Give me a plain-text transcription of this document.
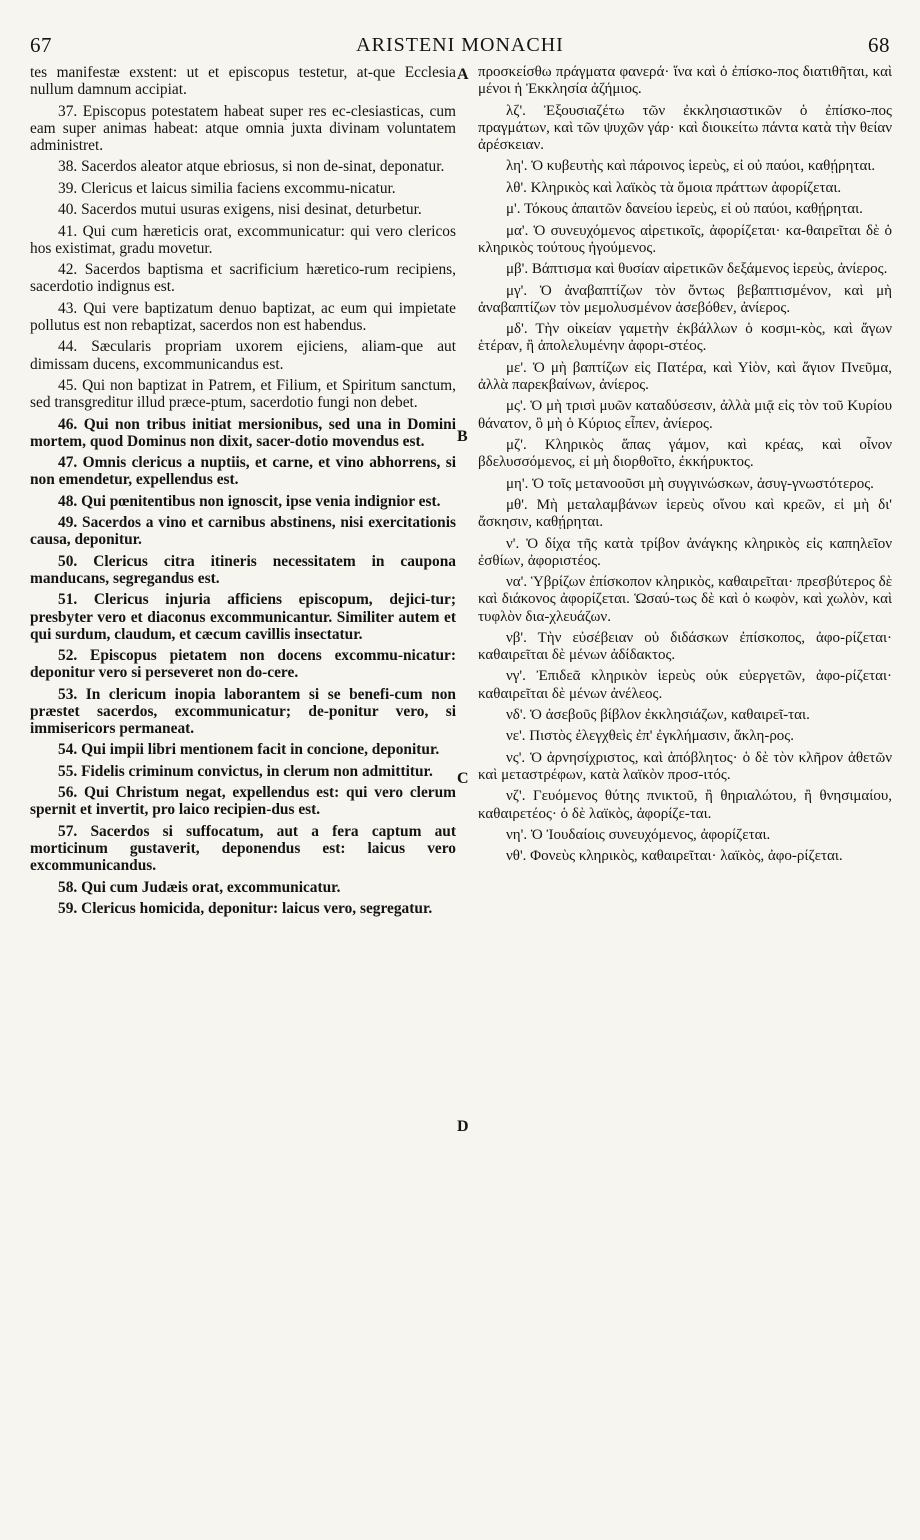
67	ARISTENI MONACHI	68
tes manifestæ exstent: ut et episcopus testetur, at-que Ecclesia nullum damnum accipiat.
37. Episcopus potestatem habeat super res ec-clesiasticas, cum eam super animas habeat: atque omnia juxta divinam voluntatem administret.
38. Sacerdos aleator atque ebriosus, si non de-sinat, deponatur.
39. Clericus et laicus similia faciens excommu-nicatur.
40. Sacerdos mutui usuras exigens, nisi desinat, deturbetur.
41. Qui cum hæreticis orat, excommunicatur: qui vero clericos hos existimat, gradu movetur.
42. Sacerdos baptisma et sacrificium hæretico-rum recipiens, sacerdotio indignus est.
43. Qui vere baptizatum denuo baptizat, ac eum qui impietate pollutus est non rebaptizat, sacerdos non est habendus.
44. Sæcularis propriam uxorem ejiciens, aliam-que aut dimissam ducens, excommunicandus est.
45. Qui non baptizat in Patrem, et Filium, et Spiritum sanctum, sed transgreditur illud præce-ptum, sacerdotio fungi non debet.
46. Qui non tribus initiat mersionibus, sed una in Domini mortem, quod Dominus non dixit, sacer-dotio movendus est.
47. Omnis clericus a nuptiis, et carne, et vino abhorrens, si non emendetur, expellendus est.
48. Qui pœnitentibus non ignoscit, ipse venia indignior est.
49. Sacerdos a vino et carnibus abstinens, nisi exercitationis causa, deponitur.
50. Clericus citra itineris necessitatem in caupona manducans, segregandus est.
51. Clericus injuria afficiens episcopum, dejici-tur; presbyter vero et diaconus excommunicantur. Similiter autem et qui surdum, claudum, et cæcum cavillis insectatur.
52. Episcopus pietatem non docens excommu-nicatur: deponitur vero si perseveret non do-cere.
53. In clericum inopia laborantem si se benefi-cum non præstet sacerdos, excommunicatur; de-ponitur vero, si immisericors permaneat.
54. Qui impii libri mentionem facit in concione, deponitur.
55. Fidelis criminum convictus, in clerum non admittitur.
56. Qui Christum negat, expellendus est: qui vero clerum spernit et invertit, pro laico recipien-dus est.
57. Sacerdos si suffocatum, aut a fera captum aut morticinum gustaverit, deponendus est: laicus vero excommunicandus.
58. Qui cum Judæis orat, excommunicatur.
59. Clericus homicida, deponitur: laicus vero, segregatur.
A
B
C
D
προσκείσθω πράγματα φανερά· ἵνα καὶ ὁ ἐπίσκο-πος διατιθῆται, καὶ μένοι ἡ Ἐκκλησία ἀζήμιος.
λζ'. Ἐξουσιαζέτω τῶν ἐκκλησιαστικῶν ὁ ἐπίσκο-πος πραγμάτων, καὶ τῶν ψυχῶν γάρ· καὶ διοικείτω πάντα κατὰ τὴν θείαν ἀρέσκειαν.
λη'. Ὁ κυβευτὴς καὶ πάροινος ἱερεὺς, εἰ οὐ παύοι, καθῄρηται.
λθ'. Κληρικὸς καὶ λαϊκὸς τὰ ὅμοια πράττων ἀφορίζεται.
μ'. Τόκους ἀπαιτῶν δανείου ἱερεὺς, εἰ οὐ παύοι, καθῄρηται.
μα'. Ὁ συνευχόμενος αἱρετικοῖς, ἀφορίζεται· κα-θαιρεῖται δὲ ὁ κληρικὸς τούτους ἡγούμενος.
μβ'. Βάπτισμα καὶ θυσίαν αἱρετικῶν δεξάμενος ἱερεὺς, ἀνίερος.
μγ'. Ὁ ἀναβαπτίζων τὸν ὄντως βεβαπτισμένον, καὶ μὴ ἀναβαπτίζων τὸν μεμολυσμένον ἀσεβόθεν, ἀνίερος.
μδ'. Τὴν οἰκείαν γαμετὴν ἐκβάλλων ὁ κοσμι-κὸς, καὶ ἄγων ἑτέραν, ἢ ἀπολελυμένην ἀφορι-στέος.
με'. Ὁ μὴ βαπτίζων εἰς Πατέρα, καὶ Υἱὸν, καὶ ἅγιον Πνεῦμα, ἀλλὰ παρεκβαίνων, ἀνίερος.
μς'. Ὁ μὴ τρισὶ μυῶν καταδύσεσιν, ἀλλὰ μιᾷ εἰς τὸν τοῦ Κυρίου θάνατον, ὃ μὴ ὁ Κύριος εἶπεν, ἀνίερος.
μζ'. Κληρικὸς ἅπας γάμον, καὶ κρέας, καὶ οἶνον βδελυσσόμενος, εἰ μὴ διορθοῖτο, ἐκκήρυκτος.
μη'. Ὁ τοῖς μετανοοῦσι μὴ συγγινώσκων, ἀσυγ-γνωστότερος.
μθ'. Μὴ μεταλαμβάνων ἱερεὺς οἴνου καὶ κρεῶν, εἰ μὴ δι' ἄσκησιν, καθῄρηται.
ν'. Ὁ δίχα τῆς κατὰ τρίβον ἀνάγκης κληρικὸς εἰς καπηλεῖον ἐσθίων, ἀφοριστέος.
να'. Ὑβρίζων ἐπίσκοπον κληρικὸς, καθαιρεῖται· πρεσβύτερος δὲ καὶ διάκονος ἀφορίζεται. Ὡσαύ-τως δὲ καὶ ὁ κωφὸν, καὶ χωλὸν, καὶ τυφλὸν δια-χλευάζων.
νβ'. Τὴν εὐσέβειαν οὐ διδάσκων ἐπίσκοπος, ἀφο-ρίζεται· καθαιρεῖται δὲ μένων ἀδίδακτος.
νγ'. Ἐπιδεᾶ κληρικὸν ἱερεὺς οὐκ εὐεργετῶν, ἀφο-ρίζεται· καθαιρεῖται δὲ μένων ἀνέλεος.
νδ'. Ὁ ἀσεβοῦς βίβλον ἐκκλησιάζων, καθαιρεῖ-ται.
νε'. Πιστὸς ἐλεγχθεὶς ἐπ' ἐγκλήμασιν, ἄκλη-ρος.
νς'. Ὁ ἀρνησίχριστος, καὶ ἀπόβλητος· ὁ δὲ τὸν κλῆρον ἀθετῶν καὶ μεταστρέφων, κατὰ λαϊκὸν προσ-ιτός.
νζ'. Γευόμενος θύτης πνικτοῦ, ἢ θηριαλώτου, ἢ θνησιμαίου, καθαιρετέος· ὁ δὲ λαϊκὸς, ἀφορίζε-ται.
νη'. Ὁ Ἰουδαίοις συνευχόμενος, ἀφορίζεται.
νθ'. Φονεὺς κληρικὸς, καθαιρεῖται· λαϊκὸς, ἀφο-ρίζεται.
